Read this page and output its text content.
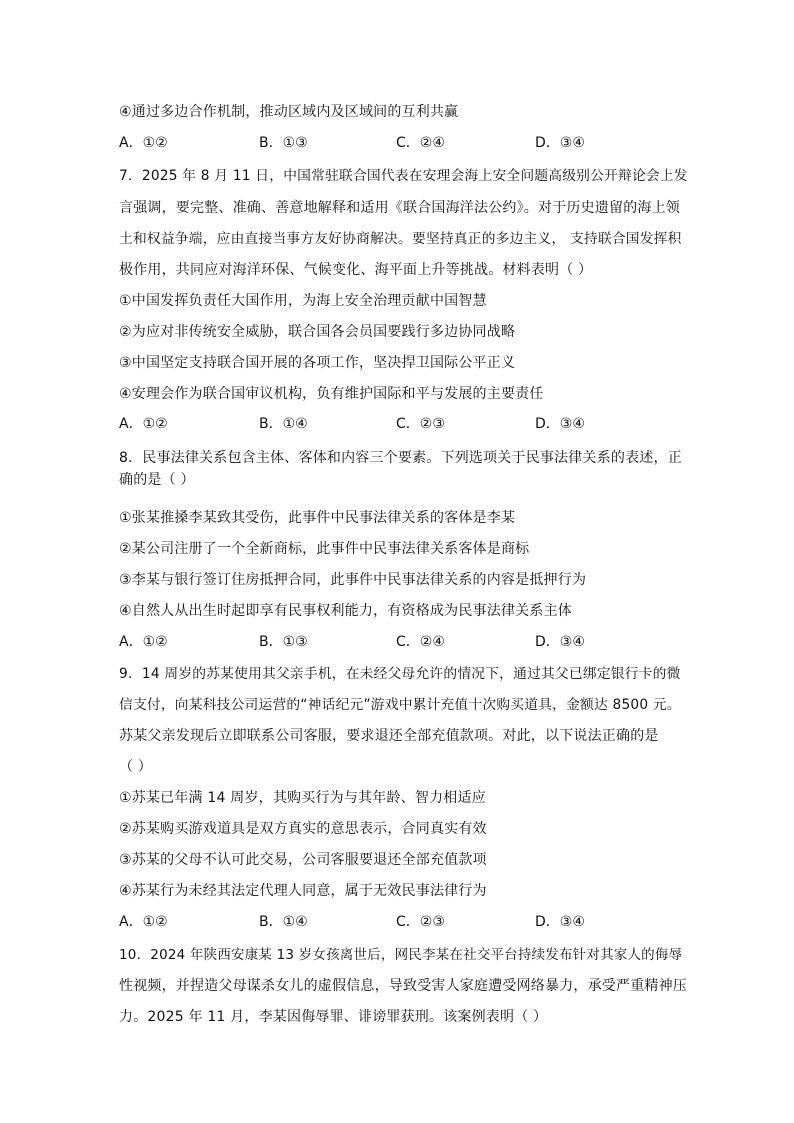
④通过多边合作机制，推动区域内及区域间的互利共赢
A．①②	B．①③	C．②④	D．③④
7．2025 年 8 月 11 日，中国常驻联合国代表在安理会海上安全问题高级别公开辩论会上发
言强调，要完整、准确、善意地解释和适用《联合国海洋法公约》。对于历史遗留的海上领
土和权益争端，应由直接当事方友好协商解决。要坚持真正的多边主义， 支持联合国发挥积
极作用，共同应对海洋环保、气候变化、海平面上升等挑战。材料表明（ ）
①中国发挥负责任大国作用，为海上安全治理贡献中国智慧
②为应对非传统安全威胁，联合国各会员国要践行多边协同战略
③中国坚定支持联合国开展的各项工作，坚决捍卫国际公平正义
④安理会作为联合国审议机构，负有维护国际和平与发展的主要责任
A．①②	B．①④	C．②③	D．③④
8．民事法律关系包含主体、客体和内容三个要素。下列选项关于民事法律关系的表述，正
确的是（ ）
①张某推搡李某致其受伤，此事件中民事法律关系的客体是李某
②某公司注册了一个全新商标，此事件中民事法律关系客体是商标
③李某与银行签订住房抵押合同，此事件中民事法律关系的内容是抵押行为
④自然人从出生时起即享有民事权利能力，有资格成为民事法律关系主体
A．①②	B．①③	C．②④	D．③④
9．14 周岁的苏某使用其父亲手机，在未经父母允许的情况下，通过其父已绑定银行卡的微
信支付，向某科技公司运营的“神话纪元”游戏中累计充值十次购买道具，金额达 8500 元。
苏某父亲发现后立即联系公司客服，要求退还全部充值款项。对此，以下说法正确的是
（ ）
①苏某已年满 14 周岁，其购买行为与其年龄、智力相适应
②苏某购买游戏道具是双方真实的意思表示，合同真实有效
③苏某的父母不认可此交易，公司客服要退还全部充值款项
④苏某行为未经其法定代理人同意，属于无效民事法律行为
A．①②	B．①④	C．②③	D．③④
10．2024 年陕西安康某 13 岁女孩离世后，网民李某在社交平台持续发布针对其家人的侮辱
性视频，并捏造父母谋杀女儿的虚假信息，导致受害人家庭遭受网络暴力，承受严重精神压
力。2025 年 11 月，李某因侮辱罪、诽谤罪获刑。该案例表明（ ）
